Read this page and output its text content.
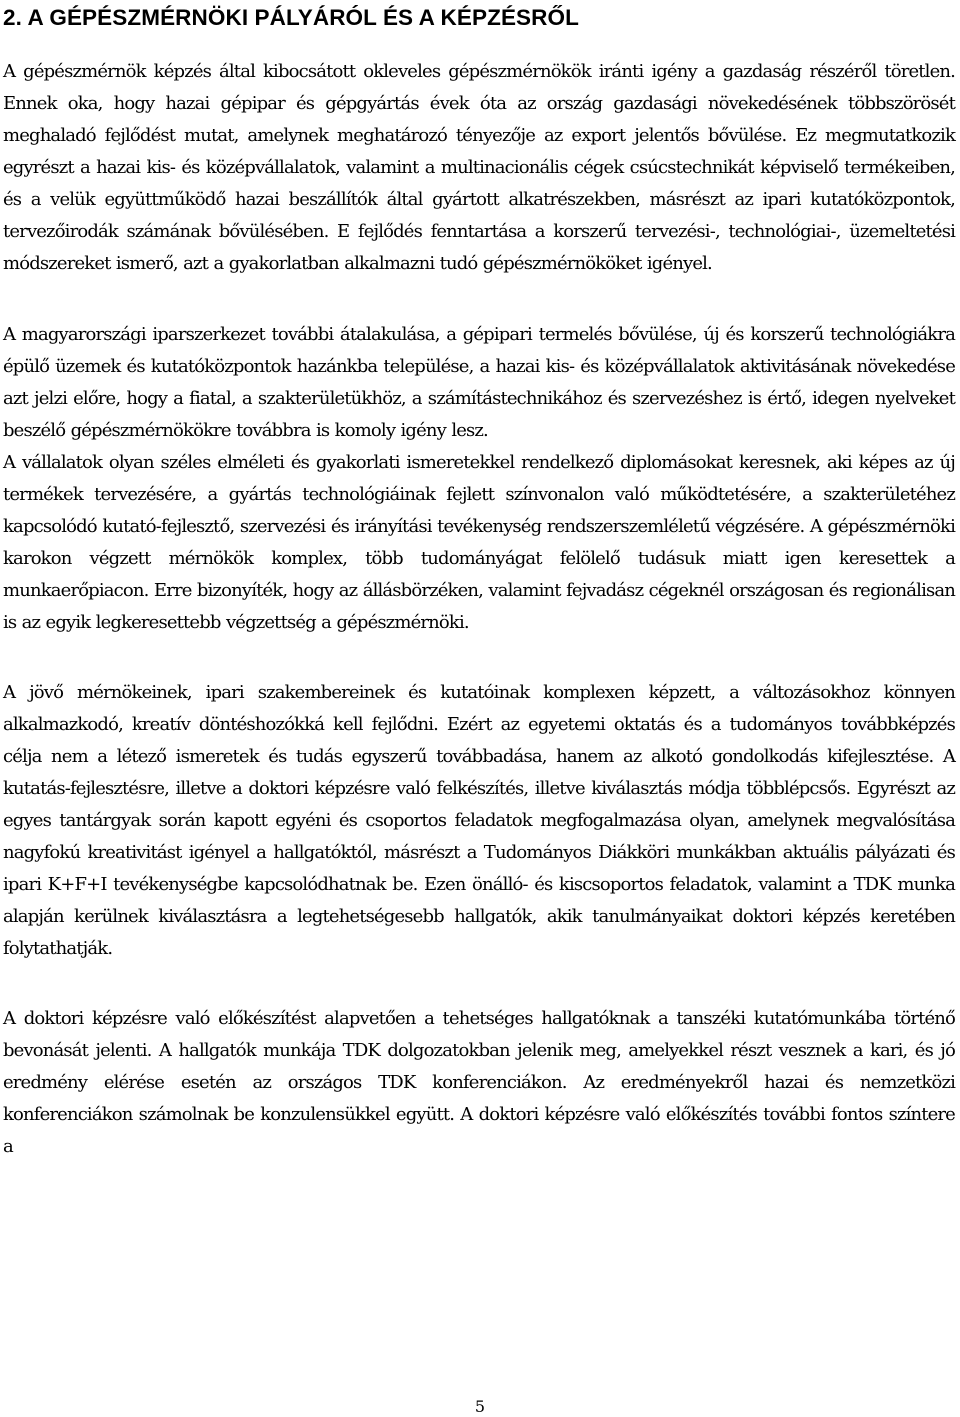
2. A GÉPÉSZMÉRNÖKI PÁLYÁRÓL ÉS A KÉPZÉSRŐL

A gépészmérnök képzés által kibocsátott okleveles gépészmérnökök iránti igény a gazdaság részéről töretlen. Ennek oka, hogy hazai gépipar és gépgyártás évek óta az ország gazdasági növekedésének többszörösét meghaladó fejlődést mutat, amelynek meghatározó tényezője az export jelentős bővülése. Ez megmutatkozik egyrészt a hazai kis- és középvállalatok, valamint a multinacionális cégek csúcstechnikát képviselő termékeiben, és a velük együttműködő hazai beszállítók által gyártott alkatrészekben, másrészt az ipari kutatóközpontok, tervezőirodák számának bővülésében. E fejlődés fenntartása a korszerű tervezési-, technológiai-, üzemeltetési módszereket ismerő, azt a gyakorlatban alkalmazni tudó gépészmérnököket igényel.

A magyarországi iparszerkezet további átalakulása, a gépipari termelés bővülése, új és korszerű technológiákra épülő üzemek és kutatóközpontok hazánkba települése, a hazai kis- és középvállalatok aktivitásának növekedése azt jelzi előre, hogy a fiatal, a szakterületükhöz, a számítástechnikához és szervezéshez is értő, idegen nyelveket beszélő gépészmérnökökre továbbra is komoly igény lesz.

A vállalatok olyan széles elméleti és gyakorlati ismeretekkel rendelkező diplomásokat keresnek, aki képes az új termékek tervezésére, a gyártás technológiáinak fejlett színvonalon való működtetésére, a szakterületéhez kapcsolódó kutató-fejlesztő, szervezési és irányítási tevékenység rendszerszemléletű végzésére. A gépészmérnöki karokon végzett mérnökök komplex, több tudományágat felölelő tudásuk miatt igen keresettek a munkaerőpiacon. Erre bizonyíték, hogy az állásbörzéken, valamint fejvadász cégeknél országosan és regionálisan is az egyik legkeresettebb végzettség a gépészmérnöki.

A jövő mérnökeinek, ipari szakembereinek és kutatóinak komplexen képzett, a változásokhoz könnyen alkalmazkodó, kreatív döntéshozókká kell fejlődni. Ezért az egyetemi oktatás és a tudományos továbbképzés célja nem a létező ismeretek és tudás egyszerű továbbadása, hanem az alkotó gondolkodás kifejlesztése. A kutatás-fejlesztésre, illetve a doktori képzésre való felkészítés, illetve kiválasztás módja többlépcsős. Egyrészt az egyes tantárgyak során kapott egyéni és csoportos feladatok megfogalmazása olyan, amelynek megvalósítása nagyfokú kreativitást igényel a hallgatóktól, másrészt a Tudományos Diákköri munkákban aktuális pályázati és ipari K+F+I tevékenységbe kapcsolódhatnak be. Ezen önálló- és kiscsoportos feladatok, valamint a TDK munka alapján kerülnek kiválasztásra a legtehetségesebb hallgatók, akik tanulmányaikat doktori képzés keretében folytathatják.

A doktori képzésre való előkészítést alapvetően a tehetséges hallgatóknak a tanszéki kutatómunkába történő bevonását jelenti. A hallgatók munkája TDK dolgozatokban jelenik meg, amelyekkel részt vesznek a kari, és jó eredmény elérése esetén az országos TDK konferenciákon. Az eredményekről hazai és nemzetközi konferenciákon számolnak be konzulensükkel együtt. A doktori képzésre való előkészítés további fontos színtere a

5
